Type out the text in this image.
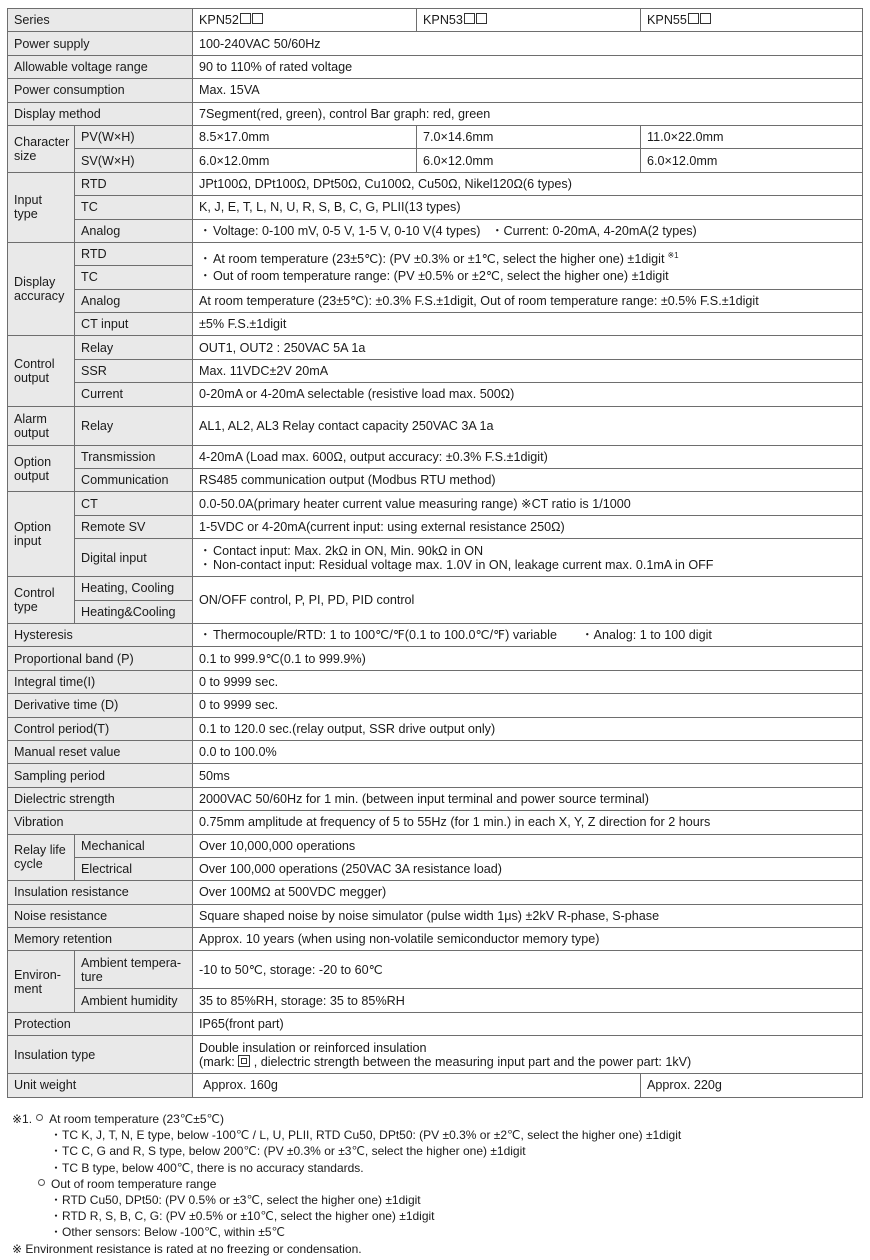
Series		KPN52	KPN53	KPN55
Power supply		100-240VAC 50/60Hz		
Allowable voltage range		90 to 110% of rated voltage		
Power consumption		Max. 15VA		
Display method		7Segment(red, green), control Bar graph: red, green		
Character size	PV(W×H)	8.5×17.0mm	7.0×14.6mm	11.0×22.0mm
	SV(W×H)	6.0×12.0mm	6.0×12.0mm	6.0×12.0mm
Input type	RTD	JPt100Ω, DPt100Ω, DPt50Ω, Cu100Ω, Cu50Ω, Nikel120Ω(6 types)		
	TC	K, J, E, T, L, N, U, R, S, B, C, G, PLII(13 types)		
	Analog	・Voltage: 0-100 mV, 0-5 V, 1-5 V, 0-10 V(4 types)   ・Current: 0-20mA, 4-20mA(2 types)		
Display accuracy	RTD	・At room temperature (23±5℃): (PV ±0.3% or ±1℃, select the higher one) ±1digit $^{※1}$
・Out of room temperature range: (PV ±0.5% or ±2℃, select the higher one) ±1digit		

	TC			
	Analog	At room temperature (23±5℃): ±0.3% F.S.±1digit, Out of room temperature range: ±0.5% F.S.±1digit		
	CT input	±5% F.S.±1digit		
Control output	Relay	OUT1, OUT2 : 250VAC 5A 1a		
	SSR	Max. 11VDC±2V 20mA		
	Current	0-20mA or 4-20mA selectable (resistive load max. 500Ω)		
Alarm output	Relay	AL1, AL2, AL3 Relay contact capacity 250VAC 3A 1a		
Option output	Transmission	4-20mA (Load max. 600Ω, output accuracy: ±0.3% F.S.±1digit)		
	Communication	RS485 communication output (Modbus RTU method)		
Option input	CT	0.0-50.0A(primary heater current value measuring range) ※CT ratio is 1/1000		
	Remote SV	1-5VDC or 4-20mA(current input: using external resistance 250Ω)		
	Digital input	・Contact input: Max. 2kΩ in ON, Min. 90kΩ in ON
・Non-contact input: Residual voltage max. 1.0V in ON, leakage current max. 0.1mA in OFF		

Control type	Heating, Cooling	ON/OFF control, P, PI, PD, PID control		
	Heating&Cooling			
Hysteresis		・Thermocouple/RTD: 1 to 100℃/℉(0.1 to 100.0℃/℉) variable ・Analog: 1 to 100 digit		
Proportional band (P)		0.1 to 999.9℃(0.1 to 999.9%)		
Integral time(I)		0 to 9999 sec.		
Derivative time (D)		0 to 9999 sec.		
Control period(T)		0.1 to 120.0 sec.(relay output, SSR drive output only)		
Manual reset value		0.0 to 100.0%		
Sampling period		50ms		
Dielectric strength		2000VAC 50/60Hz for 1 min. (between input terminal and power source terminal)		
Vibration		0.75mm amplitude at frequency of 5 to 55Hz (for 1 min.) in each X, Y, Z direction for 2 hours		
Relay life cycle	Mechanical	Over 10,000,000 operations		
	Electrical	Over 100,000 operations (250VAC 3A resistance load)		
Insulation resistance		Over 100MΩ at 500VDC megger)		
Noise resistance		Square shaped noise by noise simulator (pulse width 1μs) ±2kV R-phase, S-phase		
Memory retention		Approx. 10 years (when using non-volatile semiconductor memory type)		
Environ-ment	Ambient tempera-ture	-10 to 50℃, storage: -20 to 60℃		
	Ambient humidity	35 to 85%RH, storage: 35 to 85%RH		
Protection		IP65(front part)		
Insulation type		Double insulation or reinforced insulation
(mark: , dielectric strength between the measuring input part and the power part: 1kV)		

Unit weight		Approx. 160g		Approx. 220g
※1. At room temperature (23℃±5℃)
・TC K, J, T, N, E type, below -100℃ / L, U, PLII, RTD Cu50, DPt50: (PV ±0.3% or ±2℃, select the higher one) ±1digit
・TC C, G and R, S type, below 200℃: (PV ±0.3% or ±3℃, select the higher one) ±1digit
・TC B type, below 400℃, there is no accuracy standards.
Out of room temperature range
・RTD Cu50, DPt50: (PV 0.5% or ±3℃, select the higher one) ±1digit
・RTD R, S, B, C, G: (PV ±0.5% or ±10℃, select the higher one) ±1digit
・Other sensors: Below -100℃, within ±5℃
※ Environment resistance is rated at no freezing or condensation.
